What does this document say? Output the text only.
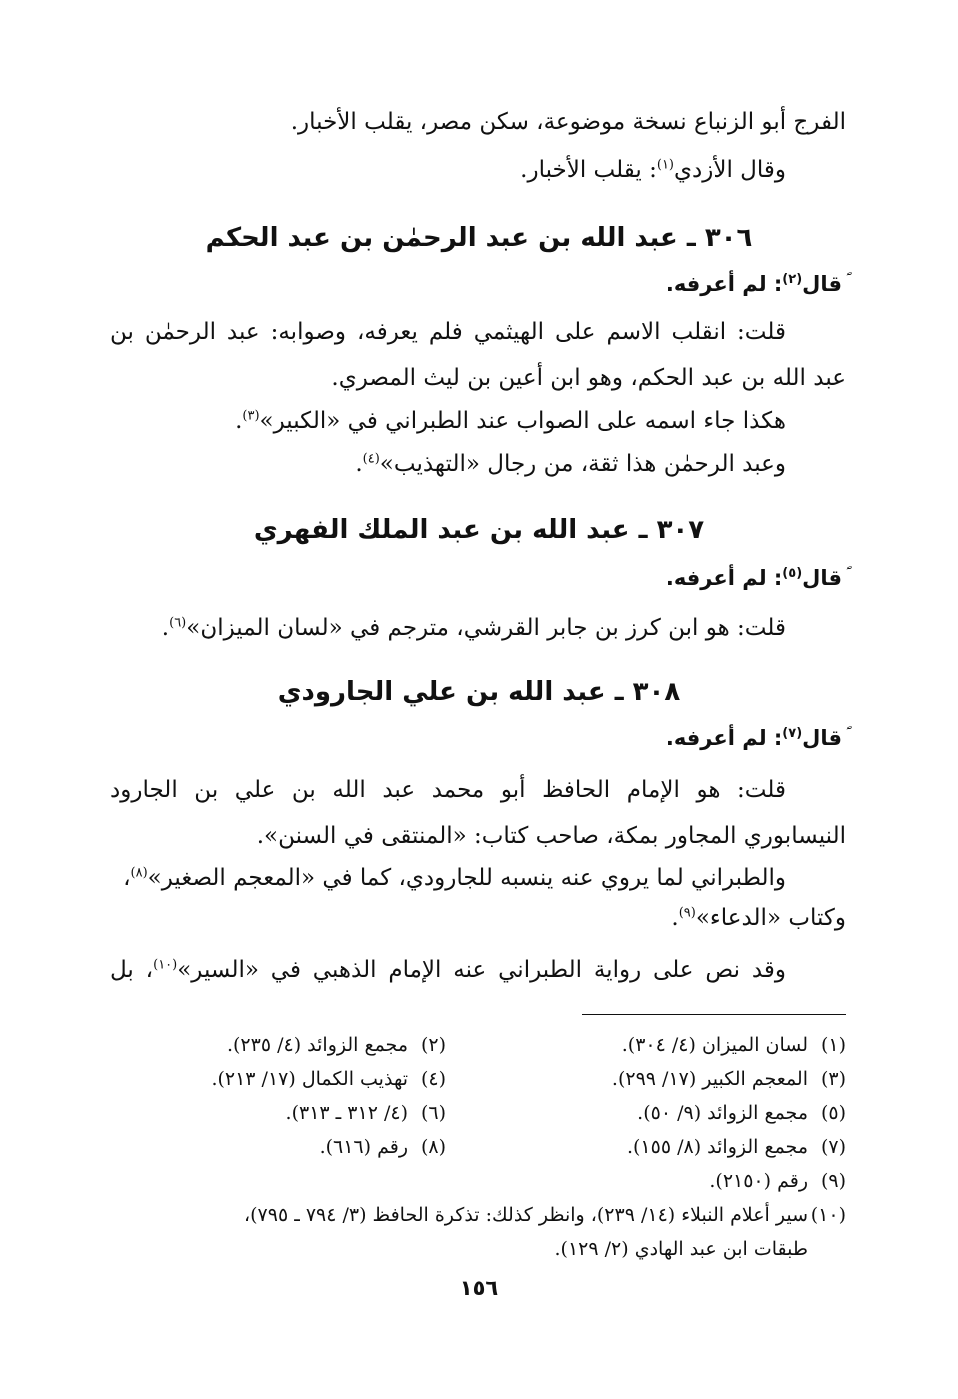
الفرج أبو الزنباع نسخة موضوعة، سكن مصر، يقلب الأخبار.
وقال الأزدي$^{(١)}$: يقلب الأخبار.
٣٠٦ ـ عبد الله بن عبد الرحمٰن بن عبد الحكم
قال$^{(٢)}$: لم أعرفه.
قلت: انقلب الاسم على الهيثمي فلم يعرفه، وصوابه: عبد الرحمٰن بن
عبد الله بن عبد الحكم، وهو ابن أعين بن ليث المصري.
هكذا جاء اسمه على الصواب عند الطبراني في «الكبير»$^{(٣)}$.
وعبد الرحمٰن هذا ثقة، من رجال «التهذيب»$^{(٤)}$.
٣٠٧ ـ عبد الله بن عبد الملك الفهري
قال$^{(٥)}$: لم أعرفه.
قلت: هو ابن كرز بن جابر القرشي، مترجم في «لسان الميزان»$^{(٦)}$.
٣٠٨ ـ عبد الله بن علي الجارودي
قال$^{(٧)}$: لم أعرفه.
قلت: هو الإمام الحافظ أبو محمد عبد الله بن علي بن الجارود
النيسابوري المجاور بمكة، صاحب كتاب: «المنتقى في السنن».
والطبراني لما يروي عنه ينسبه للجارودي، كما في «المعجم الصغير»$^{(٨)}$،
وكتاب «الدعاء»$^{(٩)}$.
وقد نص على رواية الطبراني عنه الإمام الذهبي في «السير»$^{(١٠)}$، بل
(١)لسان الميزان (٤/ ٣٠٤).
(٢)مجمع الزوائد (٤/ ٢٣٥).
(٣)المعجم الكبير (١٧/ ٢٩٩).
(٤)تهذيب الكمال (١٧/ ٢١٣).
(٥)مجمع الزوائد (٩/ ٥٠).
(٦)(٤/ ٣١٢ ـ ٣١٣).
(٧)مجمع الزوائد (٨/ ١٥٥).
(٨)رقم (٦١٦).
(٩)رقم (٢١٥٠).
(١٠)سير أعلام النبلاء (١٤/ ٢٣٩)، وانظر كذلك: تذكرة الحافظ (٣/ ٧٩٤ ـ ٧٩٥)،
طبقات ابن عبد الهادي (٢/ ١٢٩).
١٥٦
